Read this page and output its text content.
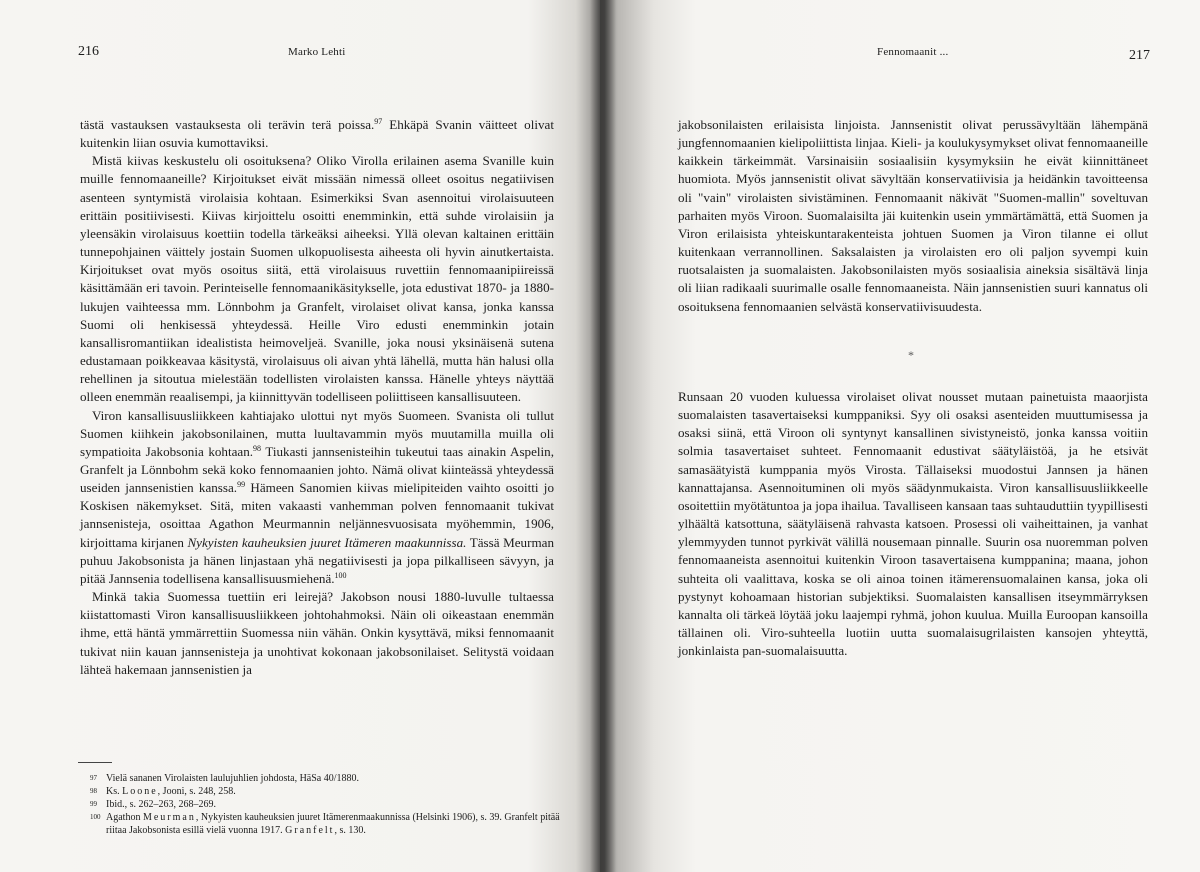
216	Marko Lehti

tästä vastauksen vastauksesta oli terävin terä poissa.$^{97}$ Ehkäpä Svanin väitteet olivat kuitenkin liian osuvia kumottaviksi.

Mistä kiivas keskustelu oli osoituksena? Oliko Virolla erilainen asema Svanille kuin muille fennomaaneille? Kirjoitukset eivät missään nimessä olleet osoitus negatiivisen asenteen syntymistä virolaisia kohtaan. Esimerkiksi Svan asennoitui virolaisuuteen erittäin positiivisesti. Kiivas kirjoittelu osoitti enemminkin, että suhde virolaisiin ja yleensäkin virolaisuus koettiin todella tärkeäksi aiheeksi. Yllä olevan kaltainen erittäin tunnepohjainen väittely jostain Suomen ulkopuolisesta aiheesta oli hyvin ainutkertaista. Kirjoitukset ovat myös osoitus siitä, että virolaisuus ruvettiin fennomaanipiireissä käsittämään eri tavoin. Perinteiselle fennomaanikäsitykselle, jota edustivat 1870- ja 1880-lukujen vaihteessa mm. Lönnbohm ja Granfelt, virolaiset olivat kansa, jonka kanssa Suomi oli henkisessä yhteydessä. Heille Viro edusti enemminkin jotain kansallisromantiikan idealistista heimoveljeä. Svanille, joka nousi yksinäisenä sutena edustamaan poikkeavaa käsitystä, virolaisuus oli aivan yhtä lähellä, mutta hän halusi olla rehellinen ja sitoutua mielestään todellisten virolaisten kanssa. Hänelle yhteys näyttää olleen enemmän reaalisempi, ja kiinnittyvän todelliseen poliittiseen kansallisuuteen.

Viron kansallisuusliikkeen kahtiajako ulottui nyt myös Suomeen. Svanista oli tullut Suomen kiihkein jakobsonilainen, mutta luultavammin myös muutamilla muilla oli sympatioita Jakobsonia kohtaan.$^{98}$ Tiukasti jannsenisteihin tukeutui taas ainakin Aspelin, Granfelt ja Lönnbohm sekä koko fennomaanien johto. Nämä olivat kiinteässä yhteydessä useiden jannsenistien kanssa.$^{99}$ Hämeen Sanomien kiivas mielipiteiden vaihto osoitti jo Koskisen näkemykset. Sitä, miten vakaasti vanhemman polven fennomaanit tukivat jannsenisteja, osoittaa Agathon Meurmannin neljännesvuosisata myöhemmin, 1906, kirjoittama kirjanen Nykyisten kauheuksien juuret Itämeren maakunnissa. Tässä Meurman puhuu Jakobsonista ja hänen linjastaan yhä negatiivisesti ja jopa pilkalliseen sävyyn, ja pitää Jannsenia todellisena kansallisuusmiehenä.$^{100}$

Minkä takia Suomessa tuettiin eri leirejä? Jakobson nousi 1880-luvulle tultaessa kiistattomasti Viron kansallisuusliikkeen johtohahmoksi. Näin oli oikeastaan enemmän ihme, että häntä ymmärrettiin Suomessa niin vähän. Onkin kysyttävä, miksi fennomaanit tukivat niin kauan jannsenisteja ja unohtivat kokonaan jakobsonilaiset. Selitystä voidaan lähteä hakemaan jannsenistien ja

97 Vielä sananen Virolaisten laulujuhlien johdosta, HäSa 40/1880.
98 Ks. Loone, Jooni, s. 248, 258.
99 Ibid., s. 262–263, 268–269.
100 Agathon Meurman, Nykyisten kauheuksien juuret Itämerenmaakunnissa (Helsinki 1906), s. 39. Granfelt pitää riitaa Jakobsonista esillä vielä vuonna 1917. Granfelt, s. 130.
Fennomaanit ...	217

jakobsonilaisten erilaisista linjoista. Jannsenistit olivat perussävyltään lähempänä jungfennomaanien kielipoliittista linjaa. Kieli- ja koulukysymykset olivat fennomaaneille kaikkein tärkeimmät. Varsinaisiin sosiaalisiin kysymyksiin he eivät kiinnittäneet huomiota. Myös jannsenistit olivat sävyltään konservatiivisia ja heidänkin tavoitteensa oli "vain" virolaisten sivistäminen. Fennomaanit näkivät "Suomen-mallin" soveltuvan parhaiten myös Viroon. Suomalaisilta jäi kuitenkin usein ymmärtämättä, että Suomen ja Viron erilaisista yhteiskuntarakenteista johtuen Suomen ja Viron tilanne ei ollut kuitenkaan verrannollinen. Saksalaisten ja virolaisten ero oli paljon syvempi kuin ruotsalaisten ja suomalaisten. Jakobsonilaisten myös sosiaalisia aineksia sisältävä linja oli liian radikaali suurimalle osalle fennomaaneista. Näin jannsenistien suuri kannatus oli osoituksena fennomaanien selvästä konservatiivisuudesta.

Runsaan 20 vuoden kuluessa virolaiset olivat nousset mutaan painetuista maaorjista suomalaisten tasavertaiseksi kumppaniksi. Syy oli osaksi asenteiden muuttumisessa ja osaksi siinä, että Viroon oli syntynyt kansallinen sivistyneistö, jonka kanssa voitiin solmia tasavertaiset suhteet. Fennomaanit edustivat säätyläistöä, ja he etsivät samasäätyistä kumppania myös Virosta. Tällaiseksi muodostui Jannsen ja hänen kannattajansa. Asennoituminen oli myös säädynmukaista. Viron kansallisuusliikkeelle osoitettiin myötätuntoa ja jopa ihailua. Tavalliseen kansaan taas suhtauduttiin tyypillisesti ylhäältä katsottuna, säätyläisenä rahvasta katsoen. Prosessi oli vaiheittainen, ja vanhat ylemmyyden tunnot pyrkivät välillä nousemaan pinnalle. Suurin osa nuoremman polven fennomaaneista asennoitui kuitenkin Viroon tasavertaisena kumppanina; maana, johon suhteita oli vaalittava, koska se oli ainoa toinen itämerensuomalainen kansa, joka oli pystynyt kohoamaan historian subjektiksi. Suomalaisten kansallisen itseymmärryksen kannalta oli tärkeä löytää joku laajempi ryhmä, johon kuulua. Muilla Euroopan kansoilla tällainen oli. Viro-suhteella luotiin uutta suomalaisugrilaisten kansojen yhteyttä, jonkinlaista pan-suomalaisuutta.

*
